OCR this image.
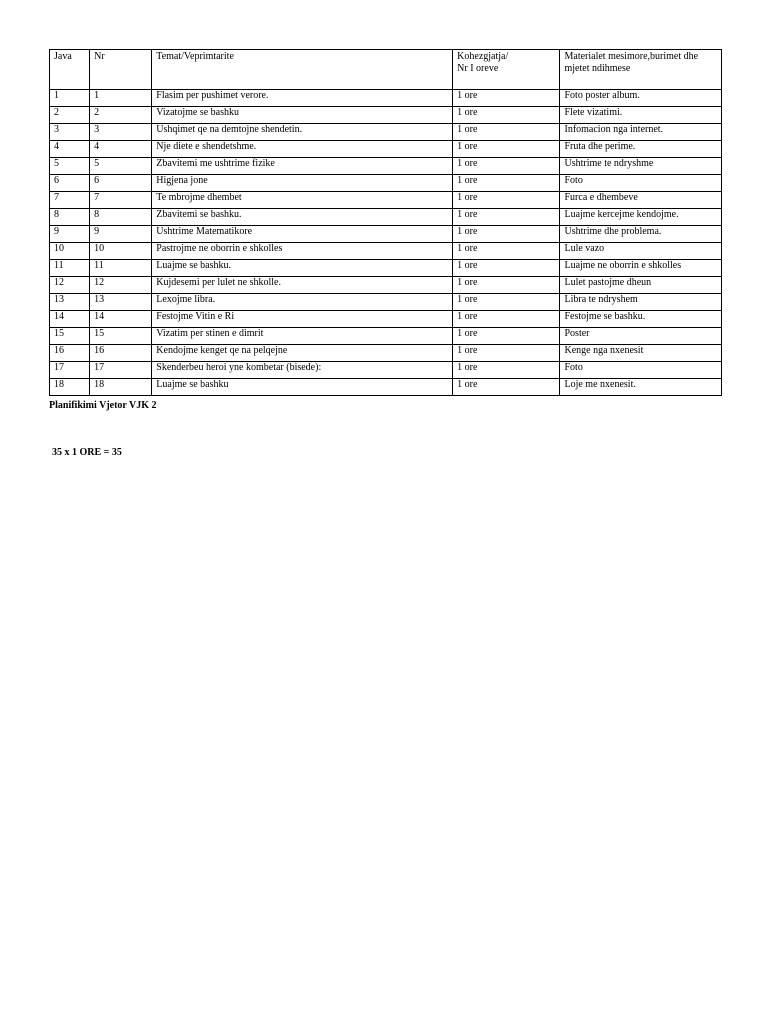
Java	Nr	Temat/Veprimtarite	Kohezgjatja/
Nr I oreve	Materialet mesimore,burimet dhe mjetet ndihmese
1	1	Flasim per pushimet verore.	1 ore	Foto poster album.
2	2	Vizatojme se bashku	1 ore	Flete vizatimi.
3	3	Ushqimet qe na demtojne shendetin.	1 ore	Infomacion nga internet.
4	4	Nje diete e shendetshme.	1 ore	Fruta dhe perime.
5	5	Zbavitemi me ushtrime fizike	1 ore	Ushtrime te ndryshme
6	6	Higjena jone	1 ore	Foto
7	7	Te mbrojme dhembet	1 ore	Furca e dhembeve
8	8	Zbavitemi se bashku.	1 ore	Luajme kercejme kendojme.
9	9	Ushtrime Matematikore	1 ore	Ushtrime dhe problema.
10	10	Pastrojme ne oborrin e shkolles	1 ore	Lule vazo
11	11	Luajme se bashku.	1 ore	Luajme ne oborrin e shkolles
12	12	Kujdesemi per lulet ne shkolle.	1 ore	Lulet pastojme dheun
13	13	Lexojme libra.	1 ore	Libra te ndryshem
14	14	Festojme Vitin e Ri	1 ore	Festojme se bashku.
15	15	Vizatim per stinen e dimrit	1 ore	Poster
16	16	Kendojme kenget qe na pelqejne	1 ore	Kenge nga nxenesit
17	17	Skenderbeu heroi yne kombetar (bisede):	1 ore	Foto
18	18	Luajme se bashku	1 ore	Loje me nxenesit.

Planifikimi Vjetor VJK 2

35 x 1 ORE = 35
